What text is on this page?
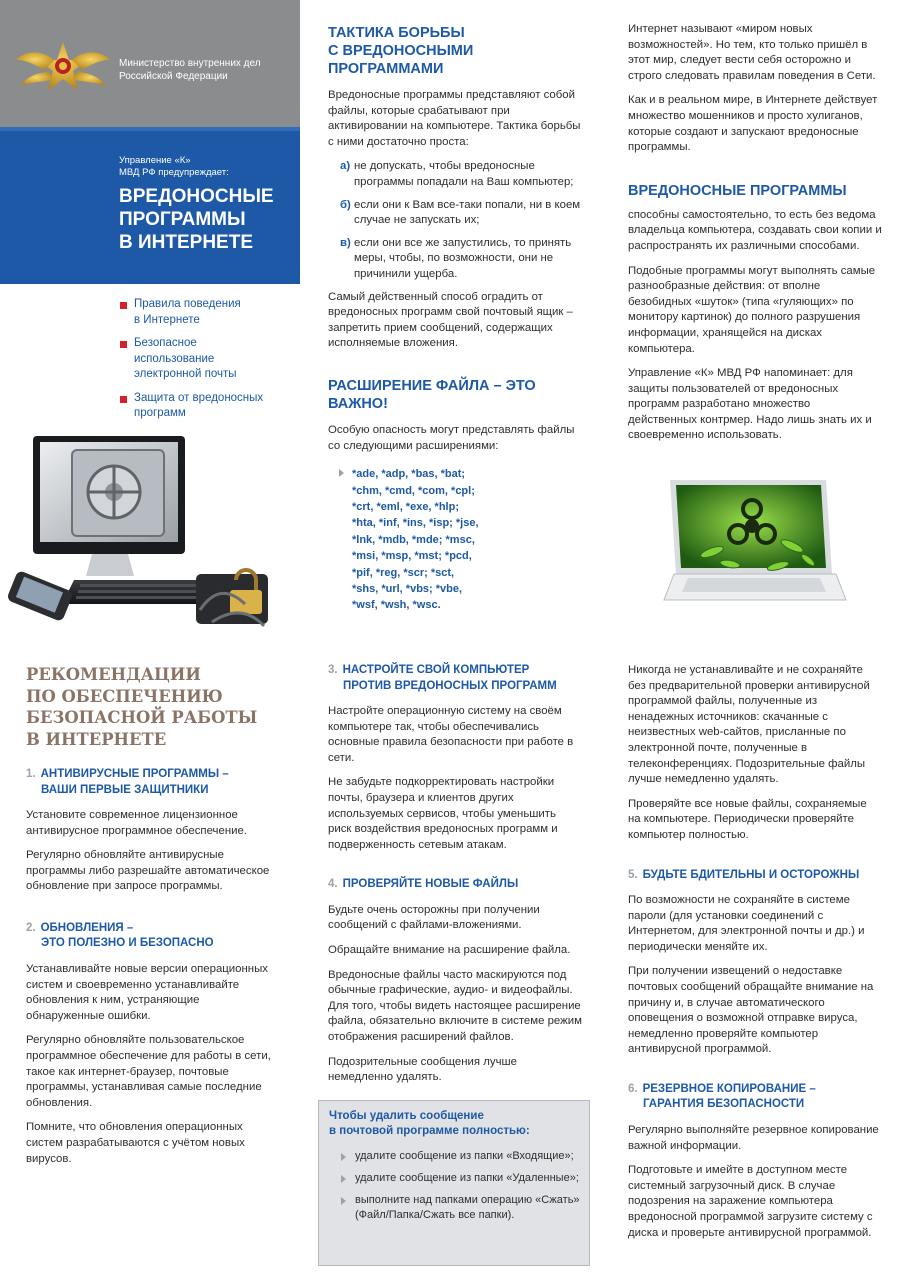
Министерство внутренних дел
Российской Федерации
Управление «К»
МВД РФ предупреждает:
ВРЕДОНОСНЫЕ
ПРОГРАММЫ
В ИНТЕРНЕТЕ
Правила поведения
в Интернете
Безопасное
использование
электронной почты
Защита от вредоносных
программ
ТАКТИКА БОРЬБЫ
С ВРЕДОНОСНЫМИ
ПРОГРАММАМИ

Вредоносные программы представляют собой файлы, которые срабатывают при активировании на компьютере. Тактика борьбы с ними достаточно проста:

а) не допускать, чтобы вредоносные программы попадали на Ваш компьютер;
б) если они к Вам все-таки попали, ни в коем случае не запускать их;
в) если они все же запустились, то принять меры, чтобы, по возможности, они не причинили ущерба.

Самый действенный способ оградить от вредоносных программ свой почтовый ящик – запретить прием сообщений, содержащих исполняемые вложения.

РАСШИРЕНИЕ ФАЙЛА – ЭТО
ВАЖНО!

Особую опасность могут представлять файлы со следующими расширениями:

*ade, *adp, *bas, *bat;
*chm, *cmd, *com, *cpl;
*crt, *eml, *exe, *hlp;
*hta, *inf, *ins, *isp; *jse,
*lnk, *mdb, *mde; *msc,
*msi, *msp, *mst; *pcd,
*pif, *reg, *scr; *sct,
*shs, *url, *vbs; *vbe,
*wsf, *wsh, *wsc.

Интернет называют «миром новых возможностей». Но тем, кто только пришёл в этот мир, следует вести себя осторожно и строго следовать правилам поведения в Сети.

Как и в реальном мире, в Интернете действует множество мошенников и просто хулиганов, которые создают и запускают вредоносные программы.

ВРЕДОНОСНЫЕ ПРОГРАММЫ

способны самостоятельно, то есть без ведома владельца компьютера, создавать свои копии и распространять их различными способами.

Подобные программы могут выполнять самые разнообразные действия: от вполне безобидных «шуток» (типа «гуляющих» по монитору картинок) до полного разрушения информации, хранящейся на дисках компьютера.

Управление «К» МВД РФ напоминает: для защиты пользователей от вредоносных программ разработано множество действенных контрмер. Надо лишь знать их и своевременно использовать.

РЕКОМЕНДАЦИИ
ПО ОБЕСПЕЧЕНИЮ
БЕЗОПАСНОЙ РАБОТЫ
В ИНТЕРНЕТЕ
1. АНТИВИРУСНЫЕ ПРОГРАММЫ –
ВАШИ ПЕРВЫЕ ЗАЩИТНИКИ

Установите современное лицензионное антивирусное программное обеспечение.

Регулярно обновляйте антивирусные программы либо разрешайте автоматическое обновление при запросе программы.

2. ОБНОВЛЕНИЯ –
ЭТО ПОЛЕЗНО И БЕЗОПАСНО

Устанавливайте новые версии операционных систем и своевременно устанавливайте обновления к ним, устраняющие обнаруженные ошибки.

Регулярно обновляйте пользовательское программное обеспечение для работы в сети, такое как интернет-браузер, почтовые программы, устанавливая самые последние обновления.

Помните, что обновления операционных систем разрабатываются с учётом новых вирусов.

3. НАСТРОЙТЕ СВОЙ КОМПЬЮТЕР
ПРОТИВ ВРЕДОНОСНЫХ ПРОГРАММ

Настройте операционную систему на своём компьютере так, чтобы обеспечивались основные правила безопасности при работе в сети.

Не забудьте подкорректировать настройки почты, браузера и клиентов других используемых сервисов, чтобы уменьшить риск воздействия вредоносных программ и подверженность сетевым атакам.

4. ПРОВЕРЯЙТЕ НОВЫЕ ФАЙЛЫ

Будьте очень осторожны при получении сообщений с файлами-вложениями.

Обращайте внимание на расширение файла.

Вредоносные файлы часто маскируются под обычные графические, аудио- и видеофайлы. Для того, чтобы видеть настоящее расширение файла, обязательно включите в системе режим отображения расширений файлов.

Подозрительные сообщения лучше немедленно удалять.

Чтобы удалить сообщение
в почтовой программе полностью:
удалите сообщение из папки «Входящие»;
удалите сообщение из папки «Удаленные»;
выполните над папками операцию «Сжать» (Файл/Папка/Сжать все папки).

Никогда не устанавливайте и не сохраняйте без предварительной проверки антивирусной программой файлы, полученные из ненадежных источников: скачанные с неизвестных web-сайтов, присланные по электронной почте, полученные в телеконференциях. Подозрительные файлы лучше немедленно удалять.

Проверяйте все новые файлы, сохраняемые на компьютере. Периодически проверяйте компьютер полностью.

5. БУДЬТЕ БДИТЕЛЬНЫ И ОСТОРОЖНЫ

По возможности не сохраняйте в системе пароли (для установки соединений с Интернетом, для электронной почты и др.) и периодически меняйте их.

При получении извещений о недоставке почтовых сообщений обращайте внимание на причину и, в случае автоматического оповещения о возможной отправке вируса, немедленно проверяйте компьютер антивирусной программой.

6. РЕЗЕРВНОЕ КОПИРОВАНИЕ –
ГАРАНТИЯ БЕЗОПАСНОСТИ

Регулярно выполняйте резервное копирование важной информации.

Подготовьте и имейте в доступном месте системный загрузочный диск. В случае подозрения на заражение компьютера вредоносной программой загрузите систему с диска и проверьте антивирусной программой.
